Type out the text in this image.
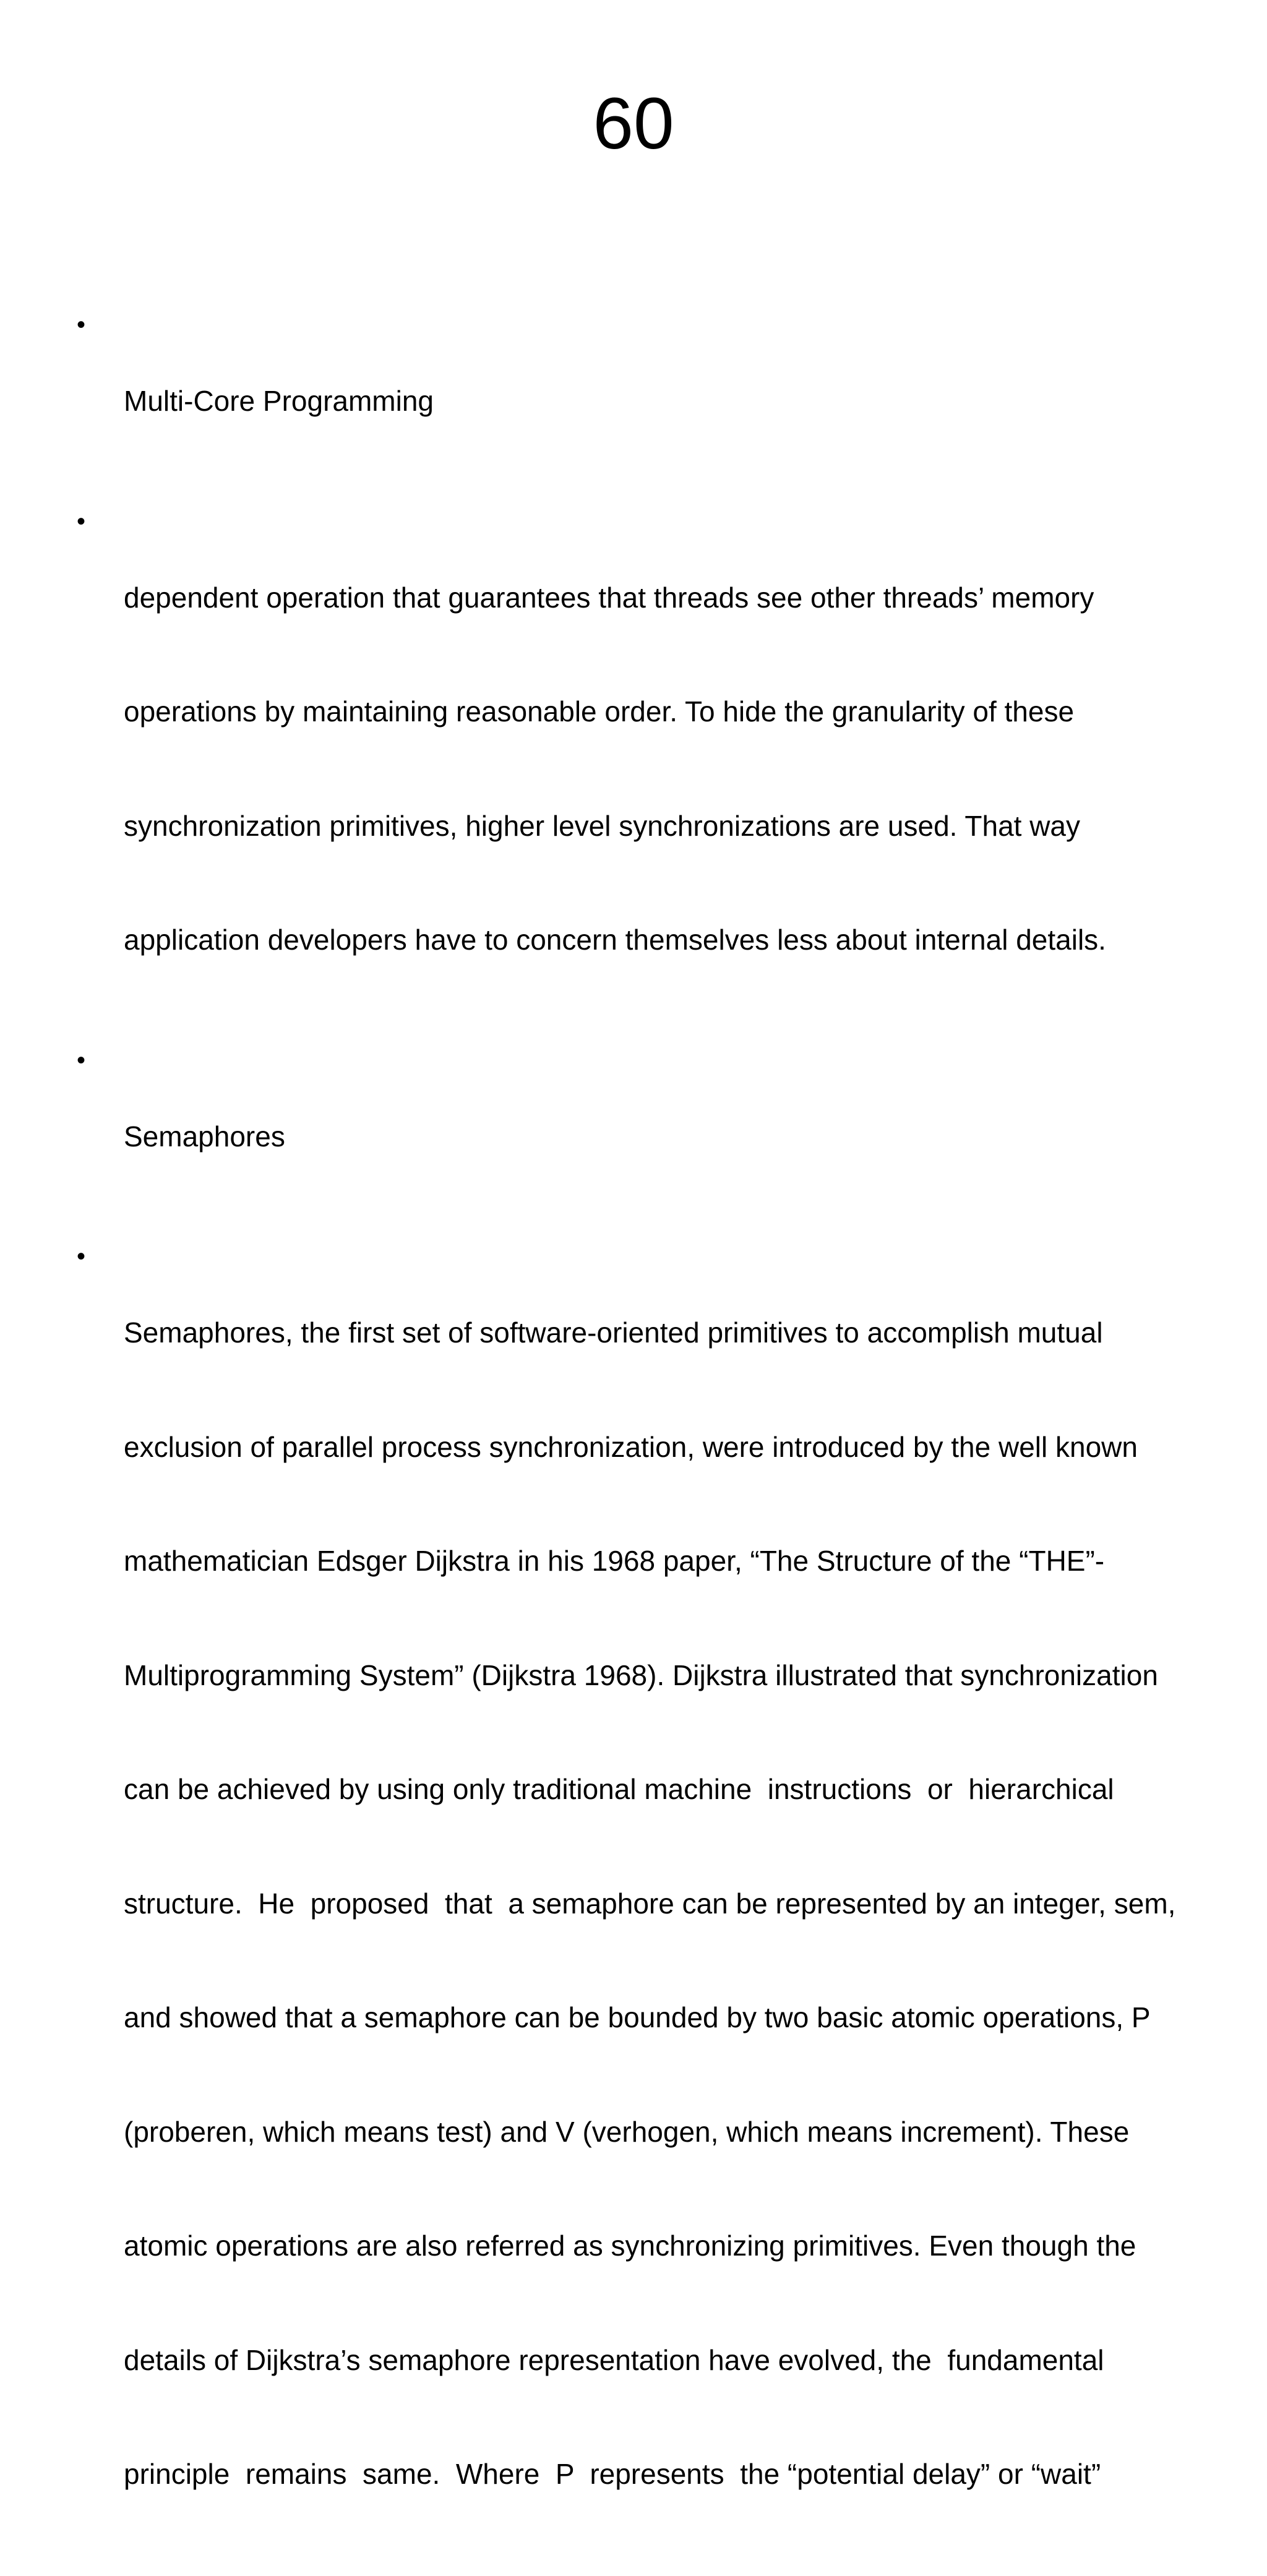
60
•

Multi-Core Programming

•

dependent operation that guarantees that threads see other threads’ memory

operations by maintaining reasonable order. To hide the granularity of these

synchronization primitives, higher level synchronizations are used. That way

application developers have to concern themselves less about internal details.

•

Semaphores

•

Semaphores, the first set of software-oriented primitives to accomplish mutual

exclusion of parallel process synchronization, were introduced by the well known

mathematician Edsger Dijkstra in his 1968 paper, “The Structure of the “THE”-

Multiprogramming System” (Dijkstra 1968). Dijkstra illustrated that synchronization

can be achieved by using only traditional machine  instructions  or  hierarchical

structure.  He  proposed  that  a semaphore can be represented by an integer, sem,

and showed that a semaphore can be bounded by two basic atomic operations, P

(proberen, which means test) and V (verhogen, which means increment). These

atomic operations are also referred as synchronizing primitives. Even though the

details of Dijkstra’s semaphore representation have evolved, the  fundamental

principle  remains  same.  Where  P  represents  the “potential delay” or “wait”
